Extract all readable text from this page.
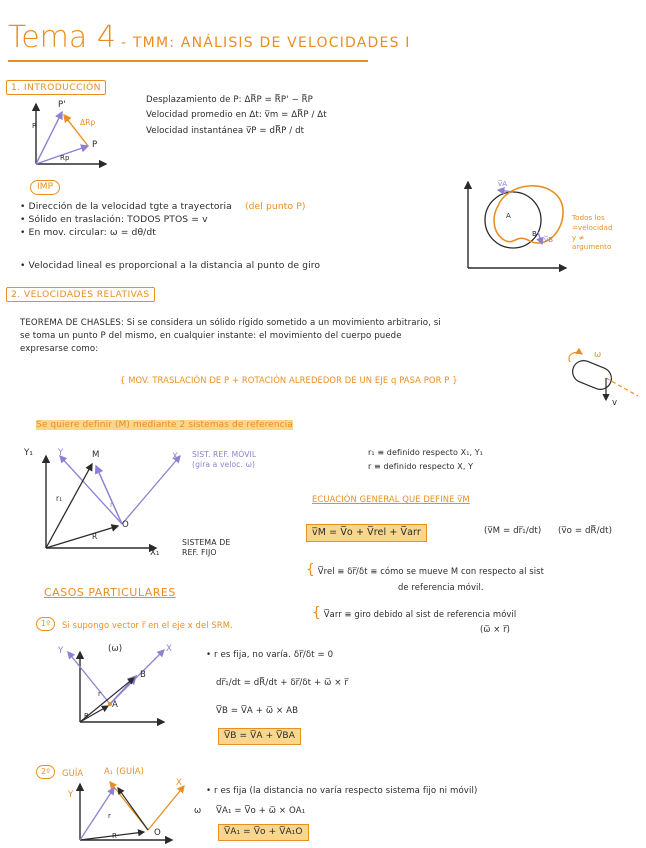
Tema 4 - TMM: ANÁLISIS DE VELOCIDADES I
1. INTRODUCCIÓN
P'
P
R
Rp
ΔRp
Desplazamiento de P: ΔR̅P = R̅P' − R̅P
Velocidad promedio en Δt: v̅m = ΔR̅P / Δt
Velocidad instantánea v̅P = dR̅P / dt
IMP
• Dirección de la velocidad tgte a trayectoria (del punto P)
• Sólido en traslación: TODOS PTOS = v
• En mov. circular: ω = dθ/dt
• Velocidad lineal es proporcional a la distancia al punto de giro
v̅A
v̅B
A
B
Todos los
=velocidad
y ≠
argumento
2. VELOCIDADES RELATIVAS
TEOREMA DE CHASLES: Si se considera un sólido rígido sometido a un movimiento arbitrario, si
se toma un punto P del mismo, en cualquier instante: el movimiento del cuerpo puede
expresarse como:
{ MOV. TRASLACIÓN DE P + ROTACIÓN ALREDEDOR DE UN EJE q PASA POR P }
ω
v
Se quiere definir (M) mediante 2 sistemas de referencia
Y₁	Y	M	X
r₁
r
O
R
X₁
SIST. REF. MÓVIL
(gira a veloc. ω)
SISTEMA DE
REF. FIJO
r₁ ≡ definido respecto X₁, Y₁
r ≡ definido respecto X, Y
ECUACIÓN GENERAL QUE DEFINE v̅M
v̅M = V̅o + V̅rel + V̅arr	(v̅M = dr̅₁/dt) (v̅o = dR̅/dt)
{ V̅rel ≡ δr̅/δt ≡ cómo se mueve M con respecto al sist
de referencia móvil.
{ V̅arr ≡ giro debido al sist de referencia móvil
(ω̅ × r̅)
CASOS PARTICULARES
1º	Si supongo vector r̅ en el eje x del SRM.
Y	X
(ω)
B
A
r
R
• r es fija, no varía. δr̅/δt = 0
dr̅₁/dt = dR̅/dt + δr̅/δt + ω̅ × r̅
V̅B = V̅A + ω̅ × AB
V̅B = V̅A + V̅BA
2º	GUÍA A₁ (GUÍA)
Y
X
ω
O
r
R
• r es fija (la distancia no varía respecto sistema fijo ni móvil)
V̅A₁ = V̅o + ω̅ × OA₁
V̅A₁ = V̅o + V̅A₁O
